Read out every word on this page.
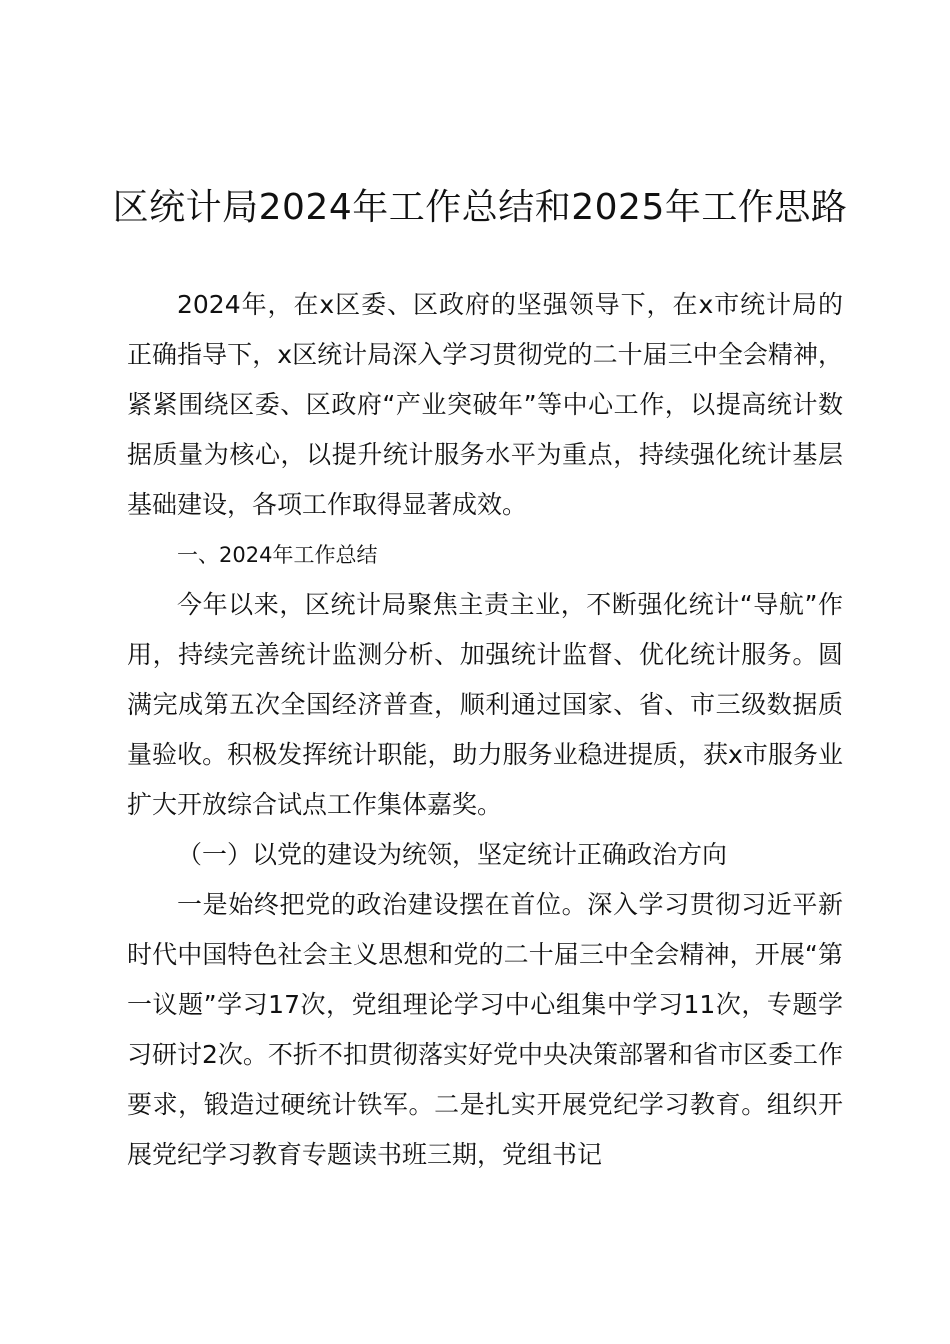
区统计局2024年工作总结和2025年工作思路

2024年，在x区委、区政府的坚强领导下，在x市统计局的正确指导下，x区统计局深入学习贯彻党的二十届三中全会精神，紧紧围绕区委、区政府“产业突破年”等中心工作，以提高统计数据质量为核心，以提升统计服务水平为重点，持续强化统计基层基础建设，各项工作取得显著成效。

一、2024年工作总结

今年以来，区统计局聚焦主责主业，不断强化统计“导航”作用，持续完善统计监测分析、加强统计监督、优化统计服务。圆满完成第五次全国经济普查，顺利通过国家、省、市三级数据质量验收。积极发挥统计职能，助力服务业稳进提质，获x市服务业扩大开放综合试点工作集体嘉奖。

（一）以党的建设为统领，坚定统计正确政治方向

一是始终把党的政治建设摆在首位。深入学习贯彻习近平新时代中国特色社会主义思想和党的二十届三中全会精神，开展“第一议题”学习17次，党组理论学习中心组集中学习11次，专题学习研讨2次。不折不扣贯彻落实好党中央决策部署和省市区委工作要求，锻造过硬统计铁军。二是扎实开展党纪学习教育。组织开展党纪学习教育专题读书班三期，党组书记
